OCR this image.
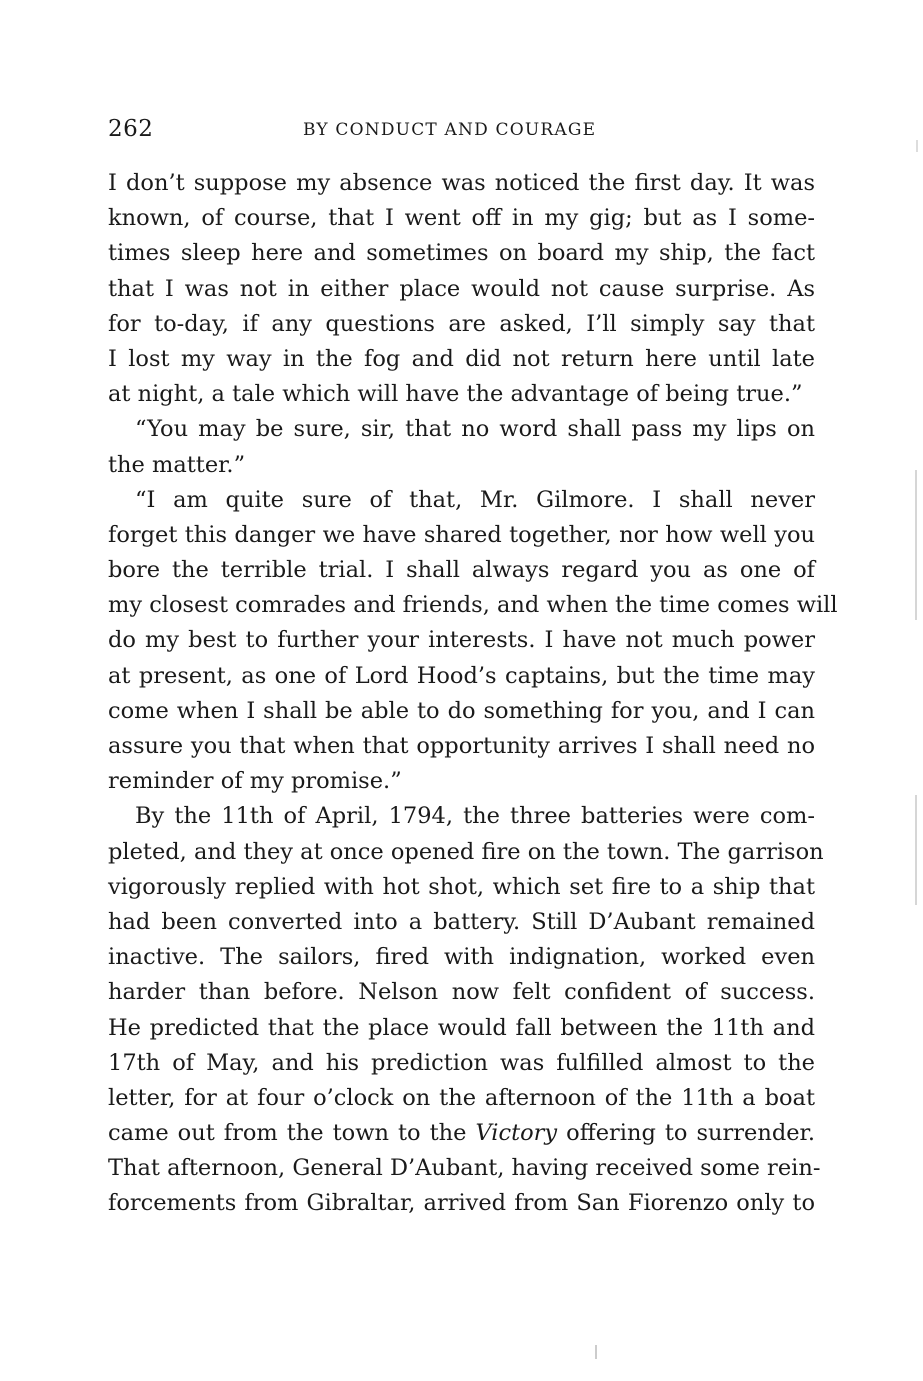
262	BY CONDUCT AND COURAGE

I don’t suppose my absence was noticed the first day. It was
known, of course, that I went off in my gig; but as I some-
times sleep here and sometimes on board my ship, the fact
that I was not in either place would not cause surprise. As
for to-day, if any questions are asked, I’ll simply say that
I lost my way in the fog and did not return here until late
at night, a tale which will have the advantage of being true.”

“You may be sure, sir, that no word shall pass my lips on
the matter.”

“I am quite sure of that, Mr. Gilmore. I shall never
forget this danger we have shared together, nor how well you
bore the terrible trial. I shall always regard you as one of
my closest comrades and friends, and when the time comes will
do my best to further your interests. I have not much power
at present, as one of Lord Hood’s captains, but the time may
come when I shall be able to do something for you, and I can
assure you that when that opportunity arrives I shall need no
reminder of my promise.”

By the 11th of April, 1794, the three batteries were com-
pleted, and they at once opened fire on the town. The garrison
vigorously replied with hot shot, which set fire to a ship that
had been converted into a battery. Still D’Aubant remained
inactive. The sailors, fired with indignation, worked even
harder than before. Nelson now felt confident of success.
He predicted that the place would fall between the 11th and
17th of May, and his prediction was fulfilled almost to the
letter, for at four o’clock on the afternoon of the 11th a boat
came out from the town to the Victory offering to surrender.
That afternoon, General D’Aubant, having received some rein-
forcements from Gibraltar, arrived from San Fiorenzo only to
